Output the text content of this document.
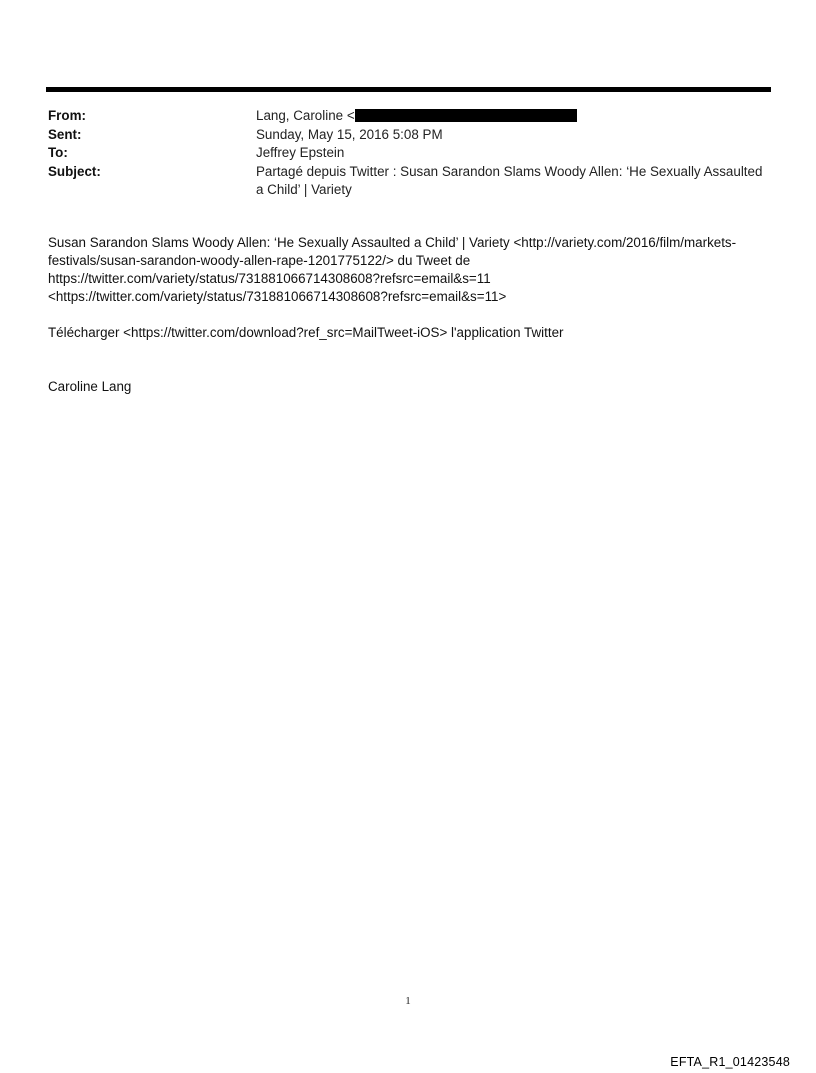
From:	Lang, Caroline <
Sent:	Sunday, May 15, 2016 5:08 PM
To:	Jeffrey Epstein
Subject:	Partagé depuis Twitter : Susan Sarandon Slams Woody Allen: ‘He Sexually Assaulted a Child’ | Variety

Susan Sarandon Slams Woody Allen: ‘He Sexually Assaulted a Child’ | Variety <http://variety.com/2016/film/markets-

festivals/susan-sarandon-woody-allen-rape-1201775122/> du Tweet de

https://twitter.com/variety/status/731881066714308608?refsrc=email&s=11

<https://twitter.com/variety/status/731881066714308608?refsrc=email&s=11>

Télécharger <https://twitter.com/download?ref_src=MailTweet-iOS> l'application Twitter

Caroline Lang

1
EFTA_R1_01423548
